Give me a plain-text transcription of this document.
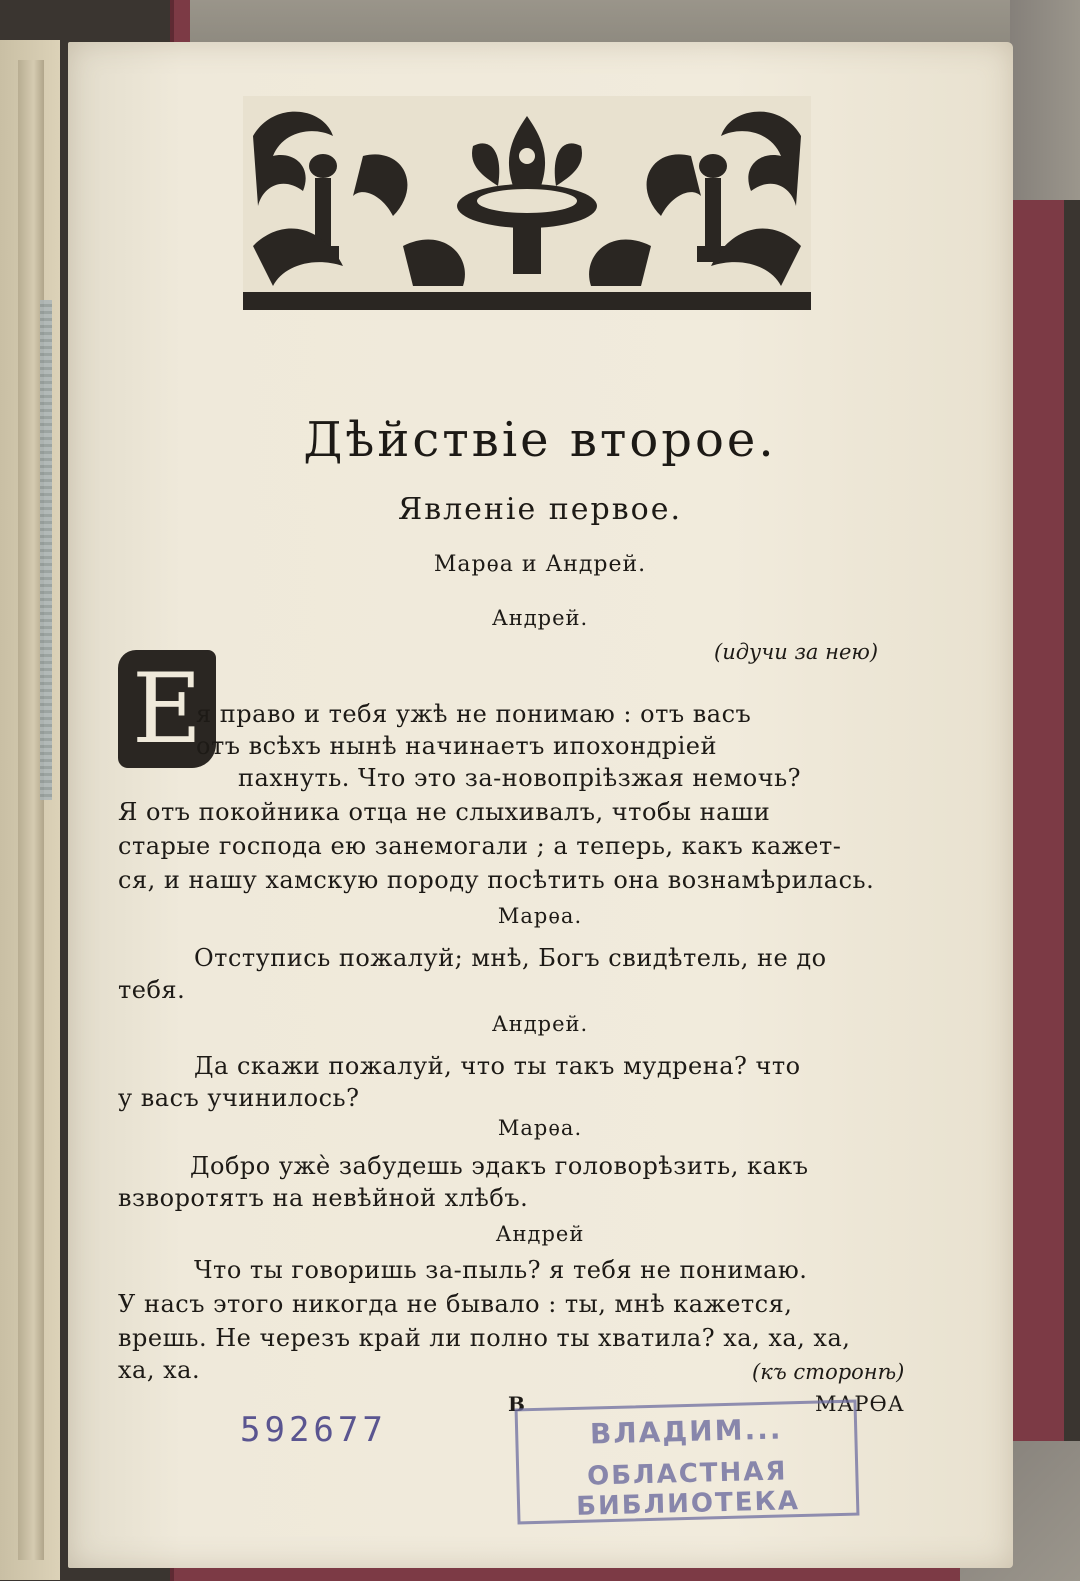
Дѣйствіе второе.
Явленіе первое.
Марѳа и Андрей.
Андрей.
(идучи за нею)
Е
я право и тебя ужѣ не понимаю : отъ васъ
отъ всѣхъ нынѣ начинаетъ ипохондріей
пахнуть. Что это за-новопріѣзжая немочь?
Я отъ покойника отца не слыхивалъ, чтобы наши
старые господа ею занемогали ; а теперь, какъ кажет-
ся, и нашу хамскую породу посѣтить она вознамѣрилась.
Марѳа.
Отступись пожалуй; мнѣ, Богъ свидѣтель, не до
тебя.
Андрей.
Да скажи пожалуй, что ты такъ мудрена? что
у васъ учинилось?
Марѳа.
Добро ужѐ забудешь эдакъ головорѣзить, какъ
взворотятъ на невѣйной хлѣбъ.
Андрей
Что ты говоришь за-пыль? я тебя не понимаю.
У насъ этого никогда не бывало : ты, мнѣ кажется,
врешь. Не черезъ край ли полно ты хватила? ха, ха, ха,
ха, ха.	(къ сторонѣ)
В	МАРѲА
592677	ВЛАДИМ...
ОБЛАСТНАЯ БИБЛИОТЕКА
